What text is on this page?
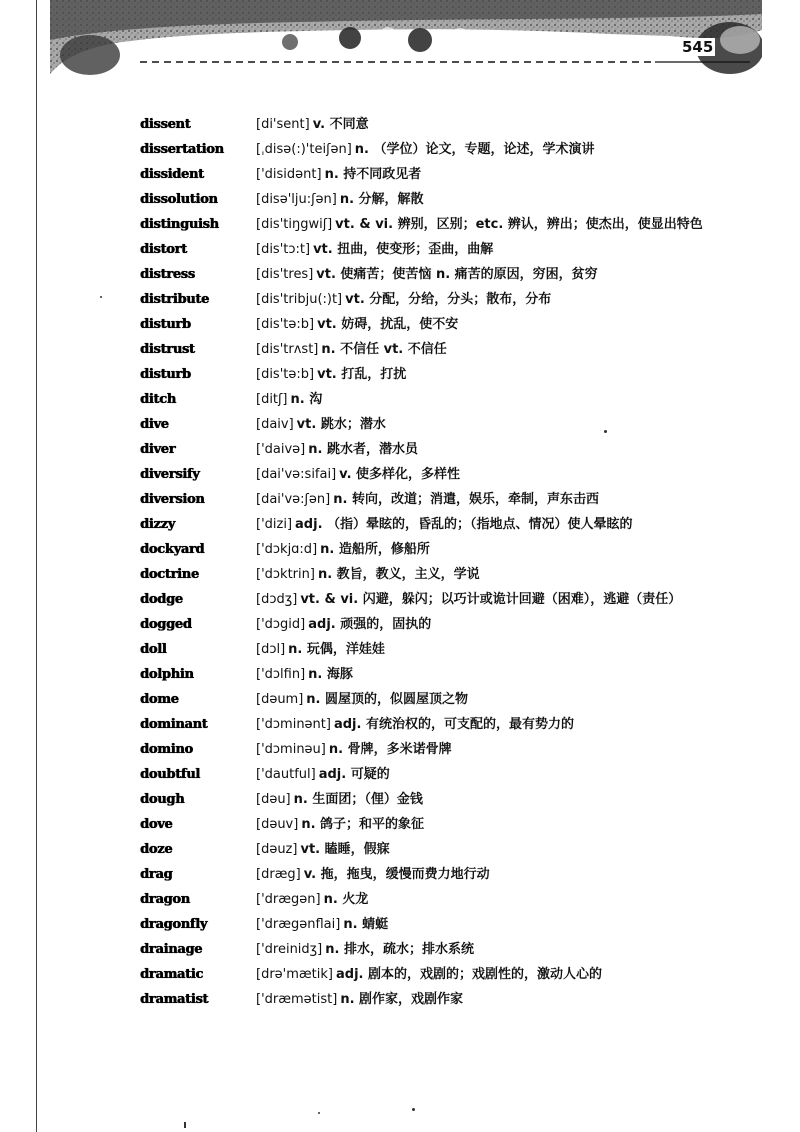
545
dissent	[di'sent] v. 不同意
dissertation	[ˌdisə(:)'teiʃən] n. （学位）论文，专题，论述，学术演讲
dissident	['disidənt] n. 持不同政见者
dissolution	[disə'lju:ʃən] n. 分解，解散
distinguish	[dis'tiŋgwiʃ] vt. & vi. 辨别，区别；etc. 辨认，辨出；使杰出，使显出特色
distort	[dis'tɔ:t] vt. 扭曲，使变形；歪曲，曲解
distress	[dis'tres] vt. 使痛苦；使苦恼 n. 痛苦的原因，穷困，贫穷
distribute	[dis'tribju(:)t] vt. 分配，分给，分头；散布，分布
disturb	[dis'tə:b] vt. 妨碍，扰乱，使不安
distrust	[dis'trʌst] n. 不信任 vt. 不信任
disturb	[dis'tə:b] vt. 打乱，打扰
ditch	[ditʃ] n. 沟
dive	[daiv] vt. 跳水；潜水
diver	['daivə] n. 跳水者，潜水员
diversify	[dai'və:sifai] v. 使多样化，多样性
diversion	[dai'və:ʃən] n. 转向，改道；消遣，娱乐，牵制，声东击西
dizzy	['dizi] adj. （指）晕眩的，昏乱的；（指地点、情况）使人晕眩的
dockyard	['dɔkjɑ:d] n. 造船所，修船所
doctrine	['dɔktrin] n. 教旨，教义，主义，学说
dodge	[dɔdʒ] vt. & vi. 闪避，躲闪；以巧计或诡计回避（困难），逃避（责任）
dogged	['dɔgid] adj. 顽强的，固执的
doll	[dɔl] n. 玩偶，洋娃娃
dolphin	['dɔlfin] n. 海豚
dome	[dəum] n. 圆屋顶的，似圆屋顶之物
dominant	['dɔminənt] adj. 有统治权的，可支配的，最有势力的
domino	['dɔminəu] n. 骨牌，多米诺骨牌
doubtful	['dautful] adj. 可疑的
dough	[dəu] n. 生面团；（俚）金钱
dove	[dəuv] n. 鸽子；和平的象征
doze	[dəuz] vt. 瞌睡，假寐
drag	[dræg] v. 拖，拖曳，缓慢而费力地行动
dragon	['drægən] n. 火龙
dragonfly	['drægənflai] n. 蜻蜓
drainage	['dreinidʒ] n. 排水，疏水；排水系统
dramatic	[drə'mætik] adj. 剧本的，戏剧的；戏剧性的，激动人心的
dramatist	['dræmətist] n. 剧作家，戏剧作家
